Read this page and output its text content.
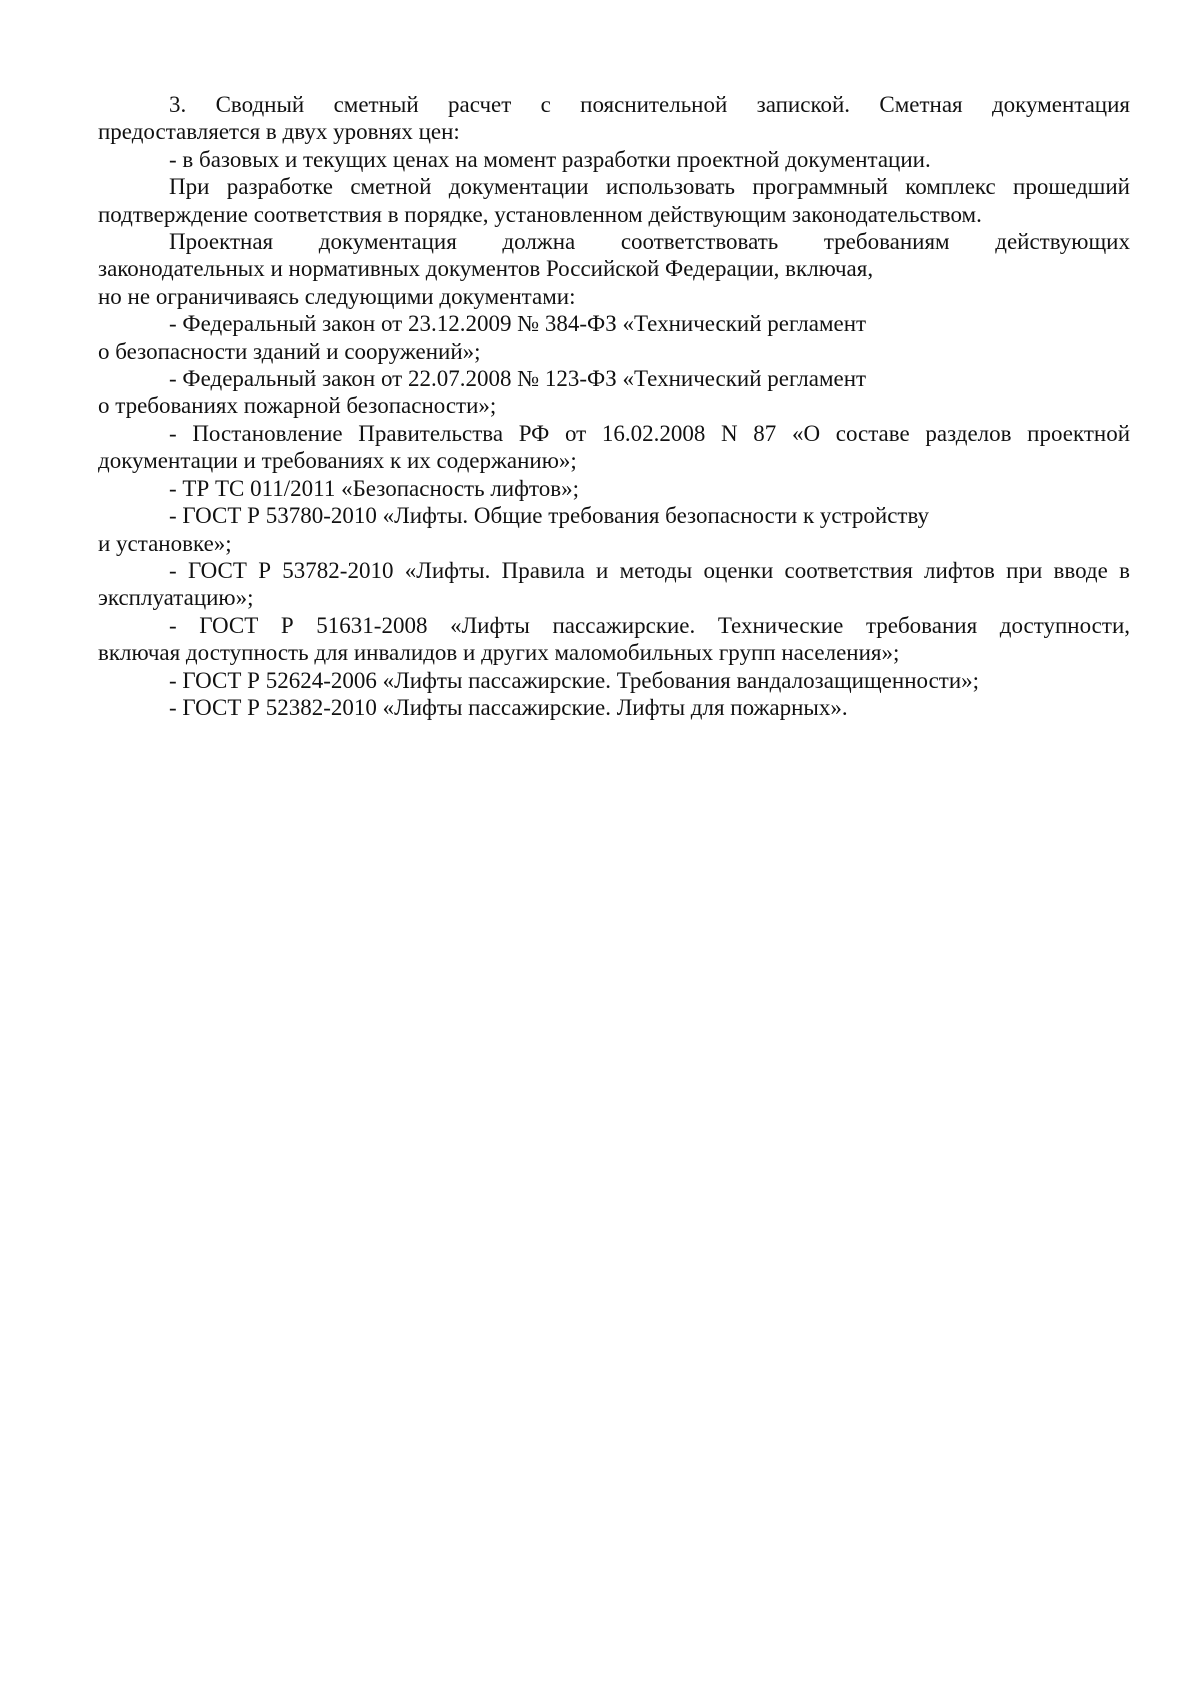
3. Сводный сметный расчет с пояснительной запиской. Сметная документация

предоставляется в двух уровнях цен:

- в базовых и текущих ценах на момент разработки проектной документации.

При разработке сметной документации использовать программный комплекс прошедший

подтверждение соответствия в порядке, установленном действующим законодательством.

Проектная документация должна соответствовать требованиям действующих

законодательных и нормативных документов Российской Федерации, включая,

но не ограничиваясь следующими документами:

- Федеральный закон от 23.12.2009 № 384-ФЗ «Технический регламент

о безопасности зданий и сооружений»;

- Федеральный закон от 22.07.2008 № 123-ФЗ «Технический регламент

о требованиях пожарной безопасности»;

- Постановление Правительства РФ от 16.02.2008 N 87 «О составе разделов проектной

документации и требованиях к их содержанию»;

- ТР ТС 011/2011 «Безопасность лифтов»;

- ГОСТ Р 53780-2010 «Лифты. Общие требования безопасности к устройству

и установке»;

- ГОСТ Р 53782-2010 «Лифты. Правила и методы оценки соответствия лифтов при вводе в

эксплуатацию»;

- ГОСТ Р 51631-2008 «Лифты пассажирские. Технические требования доступности,

включая доступность для инвалидов и других маломобильных групп населения»;

- ГОСТ Р 52624-2006 «Лифты пассажирские. Требования вандалозащищенности»;

- ГОСТ Р 52382-2010 «Лифты пассажирские. Лифты для пожарных».
